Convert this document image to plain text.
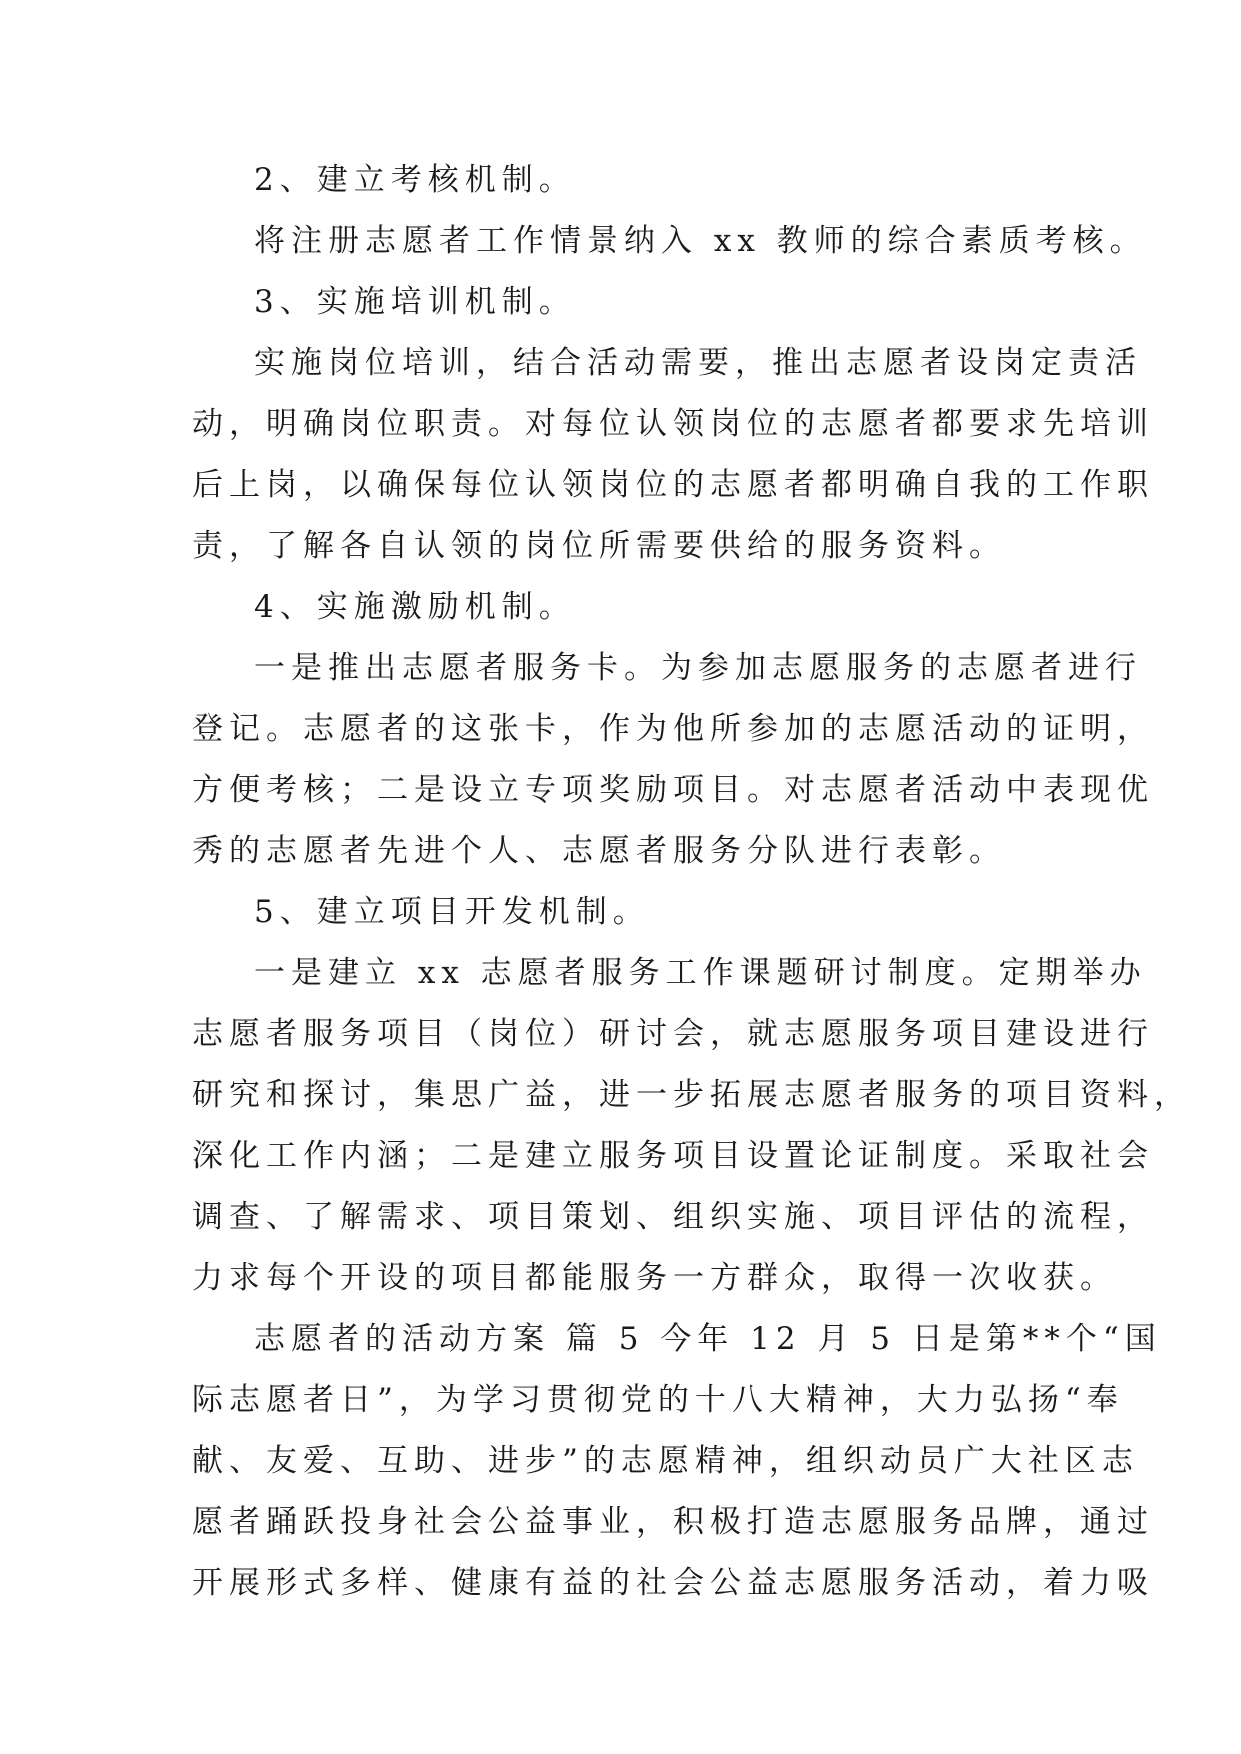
2、建立考核机制。

将注册志愿者工作情景纳入 xx 教师的综合素质考核。

3、实施培训机制。

实施岗位培训，结合活动需要，推出志愿者设岗定责活
动，明确岗位职责。对每位认领岗位的志愿者都要求先培训
后上岗，以确保每位认领岗位的志愿者都明确自我的工作职
责，了解各自认领的岗位所需要供给的服务资料。

4、实施激励机制。

一是推出志愿者服务卡。为参加志愿服务的志愿者进行
登记。志愿者的这张卡，作为他所参加的志愿活动的证明，
方便考核；二是设立专项奖励项目。对志愿者活动中表现优
秀的志愿者先进个人、志愿者服务分队进行表彰。

5、建立项目开发机制。

一是建立 xx 志愿者服务工作课题研讨制度。定期举办
志愿者服务项目（岗位）研讨会，就志愿服务项目建设进行
研究和探讨，集思广益，进一步拓展志愿者服务的项目资料，
深化工作内涵；二是建立服务项目设置论证制度。采取社会
调查、了解需求、项目策划、组织实施、项目评估的流程，
力求每个开设的项目都能服务一方群众，取得一次收获。

志愿者的活动方案 篇 5 今年 12 月 5 日是第**个“国
际志愿者日”，为学习贯彻党的十八大精神，大力弘扬“奉
献、友爱、互助、进步”的志愿精神，组织动员广大社区志
愿者踊跃投身社会公益事业，积极打造志愿服务品牌，通过
开展形式多样、健康有益的社会公益志愿服务活动，着力吸
